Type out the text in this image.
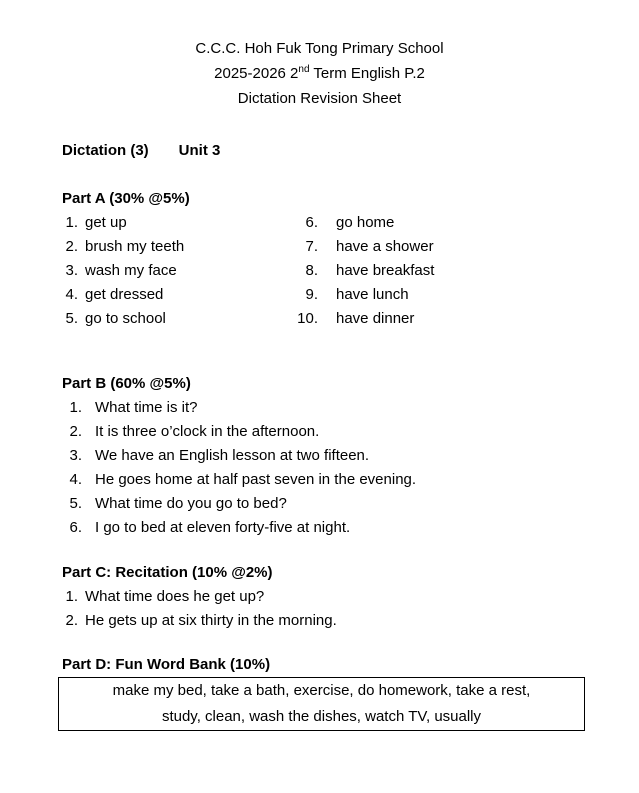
C.C.C. Hoh Fuk Tong Primary School
2025-2026 2nd Term English P.2
Dictation Revision Sheet
Dictation (3) Unit 3
Part A (30% @5%)
1. get up
2. brush my teeth
3. wash my face
4. get dressed
5. go to school
6. go home
7. have a shower
8. have breakfast
9. have lunch
10. have dinner
Part B (60% @5%)
1. What time is it?
2. It is three o’clock in the afternoon.
3. We have an English lesson at two fifteen.
4. He goes home at half past seven in the evening.
5. What time do you go to bed?
6. I go to bed at eleven forty-five at night.
Part C: Recitation (10% @2%)
1. What time does he get up?
2. He gets up at six thirty in the morning.
Part D: Fun Word Bank (10%)
make my bed, take a bath, exercise, do homework, take a rest,
study, clean, wash the dishes, watch TV, usually
